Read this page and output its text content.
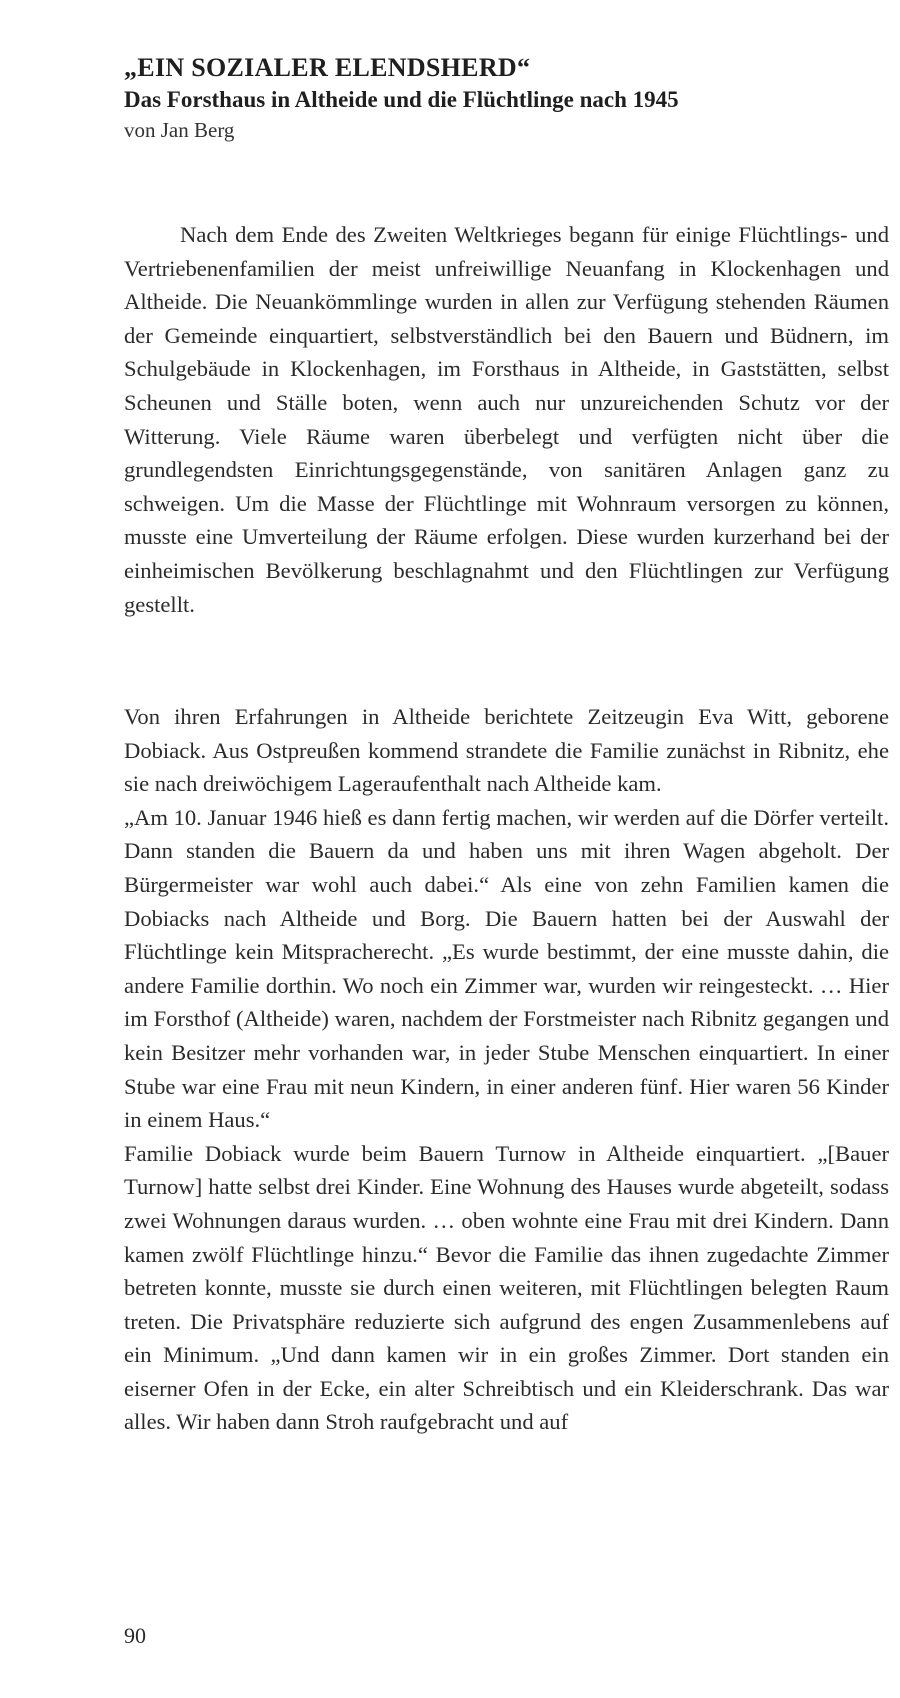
„EIN SOZIALER ELENDSHERD“
Das Forsthaus in Altheide und die Flüchtlinge nach 1945

von Jan Berg

Nach dem Ende des Zweiten Weltkrieges begann für einige Flüchtlings- und Vertriebenenfamilien der meist unfreiwillige Neuanfang in Klockenhagen und Altheide. Die Neuankömmlinge wurden in allen zur Verfügung stehenden Räumen der Gemeinde einquartiert, selbstverständlich bei den Bauern und Büdnern, im Schulgebäude in Klockenhagen, im Forsthaus in Altheide, in Gaststätten, selbst Scheunen und Ställe boten, wenn auch nur unzureichenden Schutz vor der Witterung. Viele Räume waren überbelegt und verfügten nicht über die grundlegendsten Einrichtungsgegenstände, von sanitären Anlagen ganz zu schweigen. Um die Masse der Flüchtlinge mit Wohnraum versorgen zu können, musste eine Umverteilung der Räume erfolgen. Diese wurden kurzerhand bei der einheimischen Bevölkerung beschlagnahmt und den Flüchtlingen zur Verfügung gestellt.

Von ihren Erfahrungen in Altheide berichtete Zeitzeugin Eva Witt, geborene Dobiack. Aus Ostpreußen kommend strandete die Familie zunächst in Ribnitz, ehe sie nach dreiwöchigem Lageraufenthalt nach Altheide kam.

„Am 10. Januar 1946 hieß es dann fertig machen, wir werden auf die Dörfer verteilt. Dann standen die Bauern da und haben uns mit ihren Wagen abgeholt. Der Bürgermeister war wohl auch dabei.“ Als eine von zehn Familien kamen die Dobiacks nach Altheide und Borg. Die Bauern hatten bei der Auswahl der Flüchtlinge kein Mitspracherecht. „Es wurde bestimmt, der eine musste dahin, die andere Familie dorthin. Wo noch ein Zimmer war, wurden wir reingesteckt. … Hier im Forsthof (Altheide) waren, nachdem der Forstmeister nach Ribnitz gegangen und kein Besitzer mehr vorhanden war, in jeder Stube Menschen einquartiert. In einer Stube war eine Frau mit neun Kindern, in einer anderen fünf. Hier waren 56 Kinder in einem Haus.“

Familie Dobiack wurde beim Bauern Turnow in Altheide einquartiert. „[Bauer Turnow] hatte selbst drei Kinder. Eine Wohnung des Hauses wurde abgeteilt, sodass zwei Wohnungen daraus wurden. … oben wohnte eine Frau mit drei Kindern. Dann kamen zwölf Flüchtlinge hinzu.“ Bevor die Familie das ihnen zugedachte Zimmer betreten konnte, musste sie durch einen weiteren, mit Flüchtlingen belegten Raum treten. Die Privatsphäre reduzierte sich aufgrund des engen Zusammenlebens auf ein Minimum. „Und dann kamen wir in ein großes Zimmer. Dort standen ein eiserner Ofen in der Ecke, ein alter Schreibtisch und ein Kleiderschrank. Das war alles. Wir haben dann Stroh raufgebracht und auf

90
